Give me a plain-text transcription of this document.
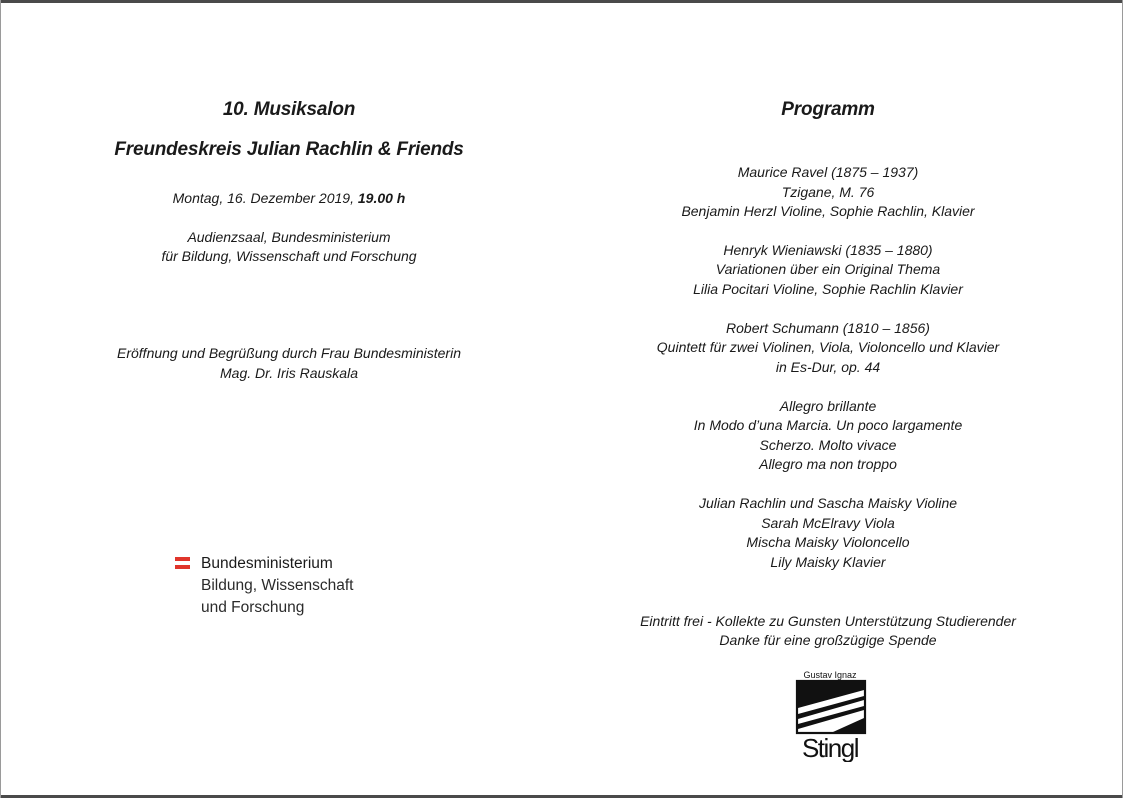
10. Musiksalon
Freundeskreis Julian Rachlin & Friends
Montag, 16. Dezember 2019, 19.00 h
Audienzsaal, Bundesministerium
für Bildung, Wissenschaft und Forschung
Eröffnung und Begrüßung durch Frau Bundesministerin
Mag. Dr. Iris Rauskala
Bundesministerium
Bildung, Wissenschaft
und Forschung
Programm
Maurice Ravel (1875 – 1937)
Tzigane, M. 76
Benjamin Herzl Violine, Sophie Rachlin, Klavier
Henryk Wieniawski (1835 – 1880)
Variationen über ein Original Thema
Lilia Pocitari Violine, Sophie Rachlin Klavier
Robert Schumann (1810 – 1856)
Quintett für zwei Violinen, Viola, Violoncello und Klavier
in Es-Dur, op. 44
Allegro brillante
In Modo d’una Marcia. Un poco largamente
Scherzo. Molto vivace
Allegro ma non troppo
Julian Rachlin und Sascha Maisky Violine
Sarah McElravy Viola
Mischa Maisky Violoncello
Lily Maisky Klavier
Eintritt frei - Kollekte zu Gunsten Unterstützung Studierender
Danke für eine großzügige Spende
Gustav Ignaz
Stingl
